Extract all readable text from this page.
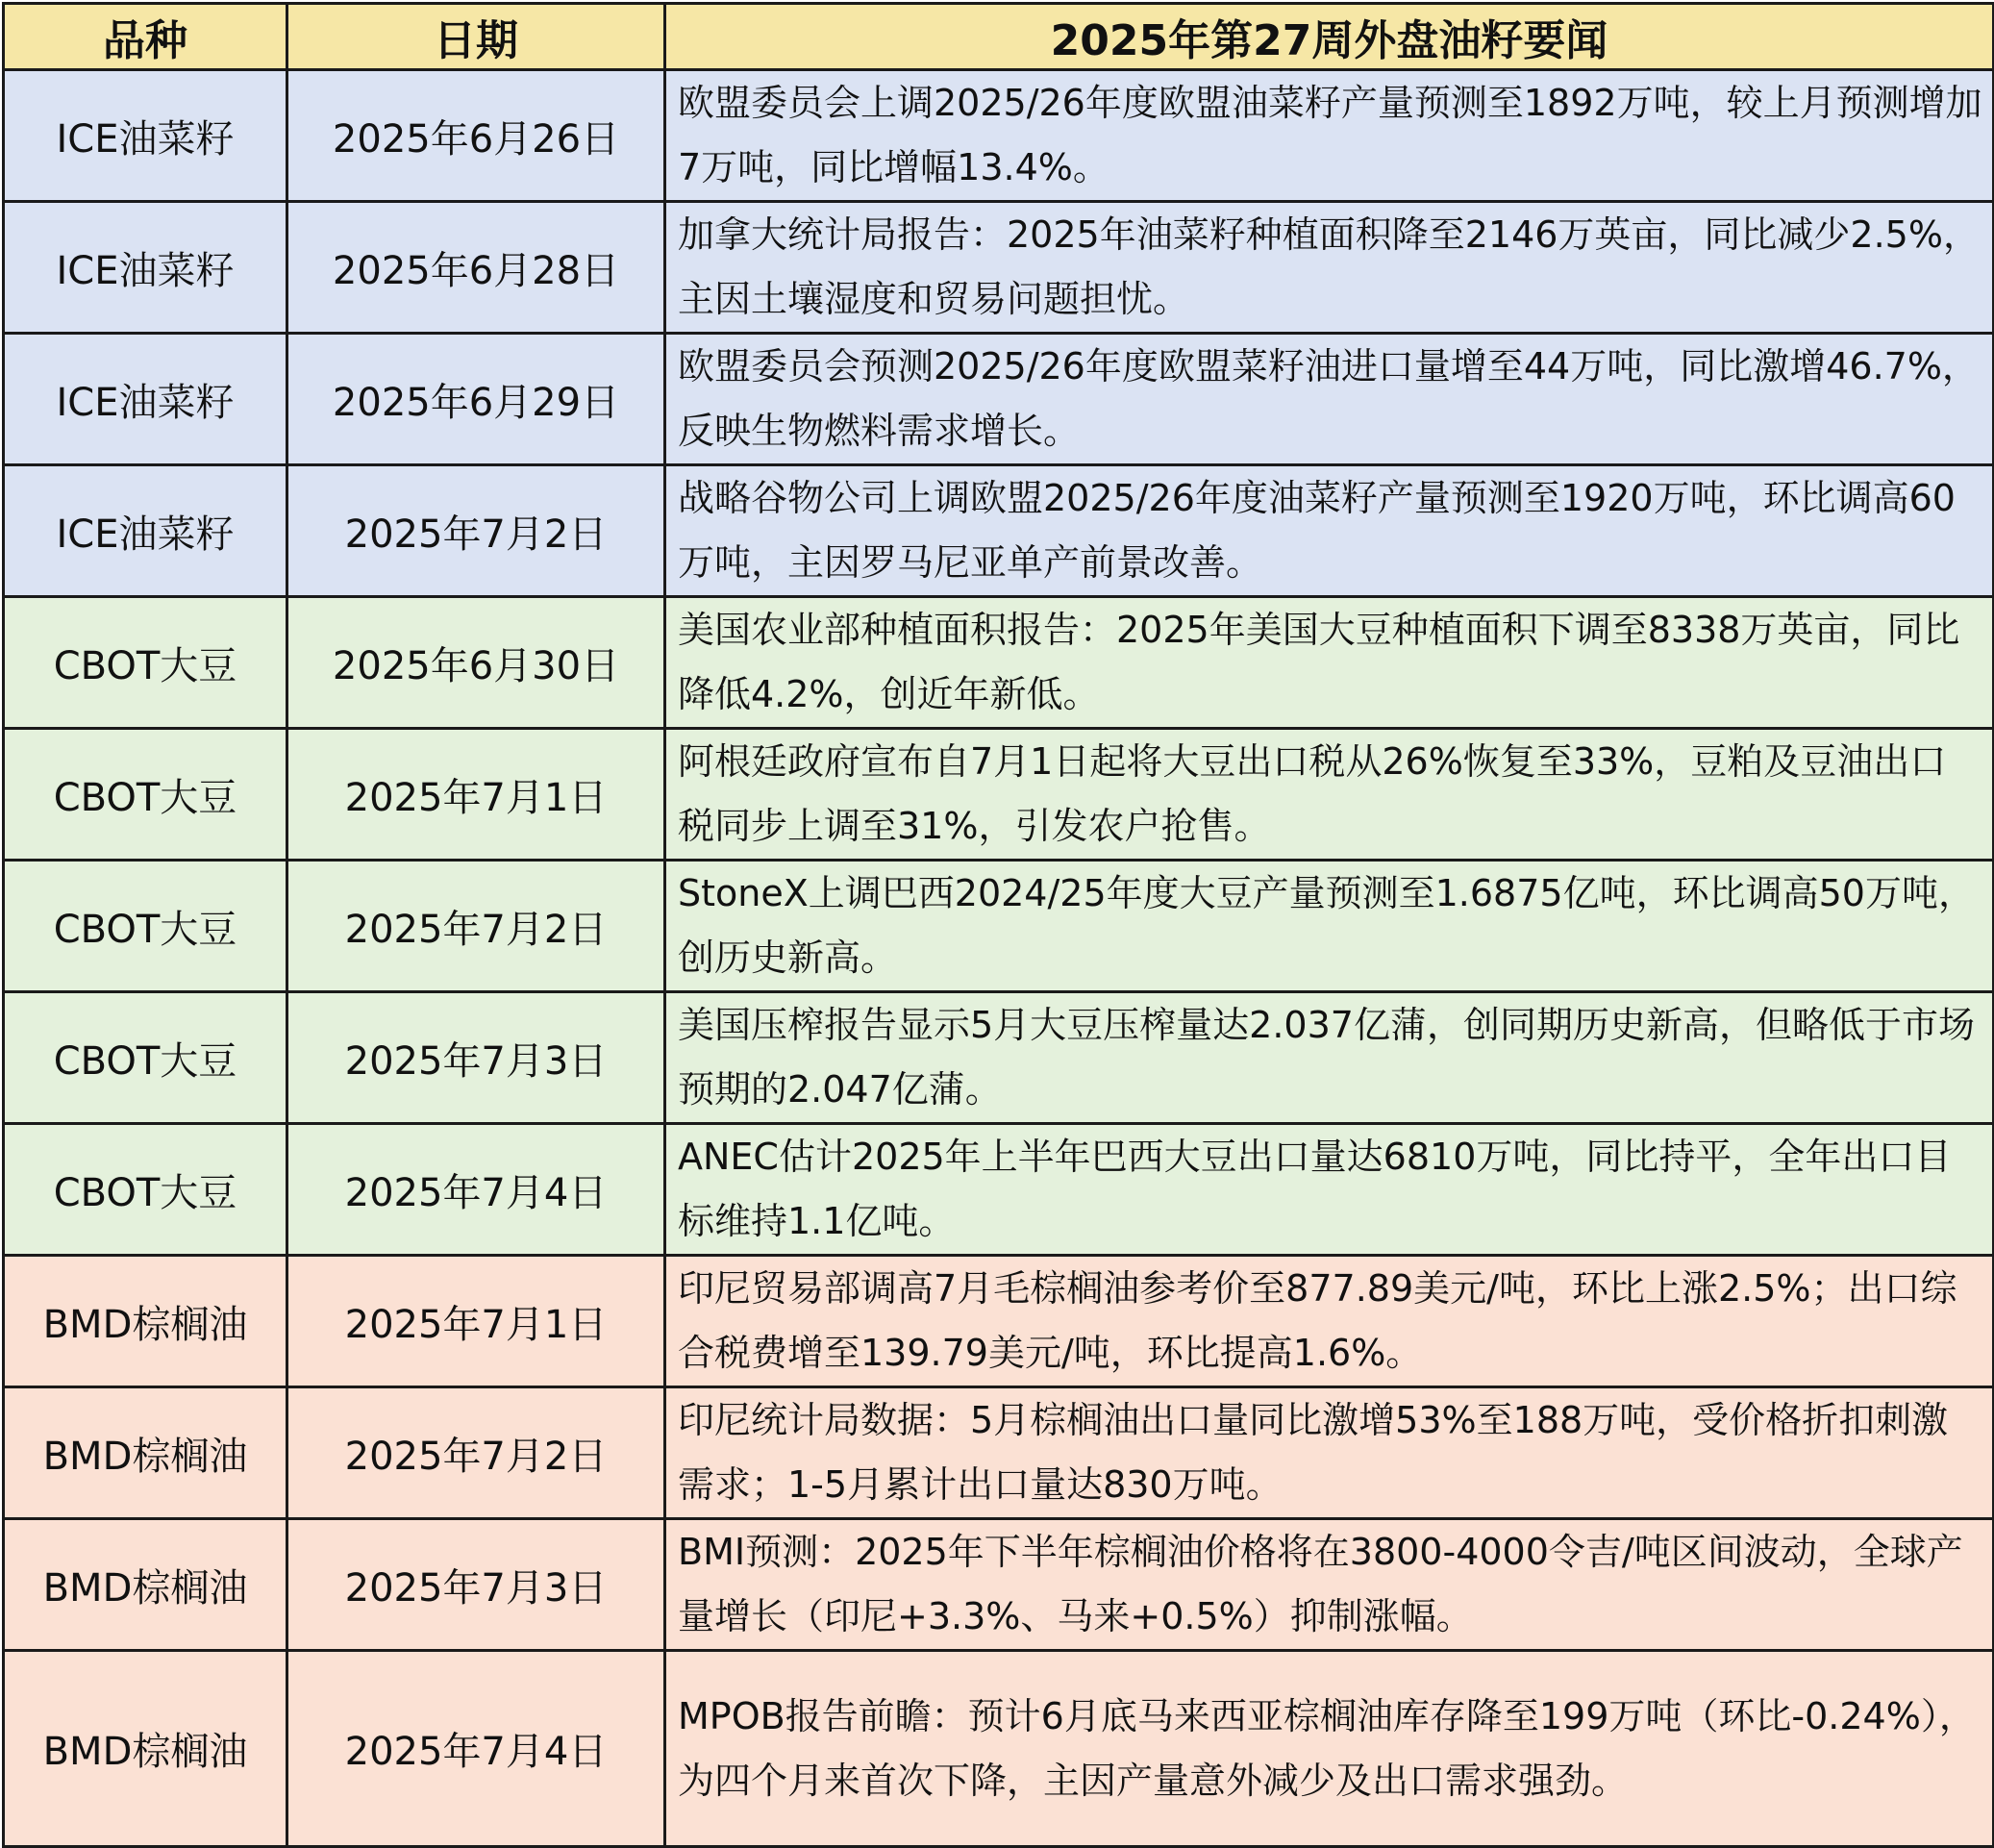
品种	日期	2025年第27周外盘油籽要闻
ICE油菜籽	2025年6月26日	欧盟委员会上调2025/26年度欧盟油菜籽产量预测至1892万吨，较上月预测增加7万吨，同比增幅13.4%。
ICE油菜籽	2025年6月28日	加拿大统计局报告：2025年油菜籽种植面积降至2146万英亩，同比减少2.5%，主因土壤湿度和贸易问题担忧。
ICE油菜籽	2025年6月29日	欧盟委员会预测2025/26年度欧盟菜籽油进口量增至44万吨，同比激增46.7%，反映生物燃料需求增长。
ICE油菜籽	2025年7月2日	战略谷物公司上调欧盟2025/26年度油菜籽产量预测至1920万吨，环比调高60万吨，主因罗马尼亚单产前景改善。
CBOT大豆	2025年6月30日	美国农业部种植面积报告：2025年美国大豆种植面积下调至8338万英亩，同比降低4.2%，创近年新低。
CBOT大豆	2025年7月1日	阿根廷政府宣布自7月1日起将大豆出口税从26%恢复至33%，豆粕及豆油出口税同步上调至31%，引发农户抢售。
CBOT大豆	2025年7月2日	StoneX上调巴西2024/25年度大豆产量预测至1.6875亿吨，环比调高50万吨，创历史新高。
CBOT大豆	2025年7月3日	美国压榨报告显示5月大豆压榨量达2.037亿蒲，创同期历史新高，但略低于市场预期的2.047亿蒲。
CBOT大豆	2025年7月4日	ANEC估计2025年上半年巴西大豆出口量达6810万吨，同比持平，全年出口目标维持1.1亿吨。
BMD棕榈油	2025年7月1日	印尼贸易部调高7月毛棕榈油参考价至877.89美元/吨，环比上涨2.5%；出口综合税费增至139.79美元/吨，环比提高1.6%。
BMD棕榈油	2025年7月2日	印尼统计局数据：5月棕榈油出口量同比激增53%至188万吨，受价格折扣刺激需求；1-5月累计出口量达830万吨。
BMD棕榈油	2025年7月3日	BMI预测：2025年下半年棕榈油价格将在3800-4000令吉/吨区间波动，全球产量增长（印尼+3.3%、马来+0.5%）抑制涨幅。
BMD棕榈油	2025年7月4日	MPOB报告前瞻：预计6月底马来西亚棕榈油库存降至199万吨（环比-0.24%），为四个月来首次下降，主因产量意外减少及出口需求强劲。
